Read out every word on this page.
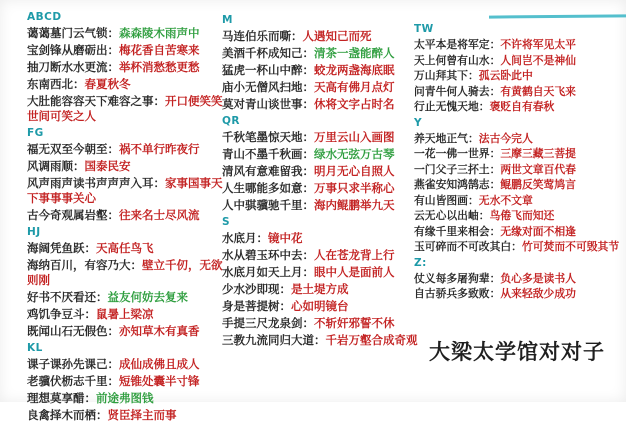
ABCD
蔼蔼墓门云气锁：森森陵木雨声中
宝剑锋从磨砺出：梅花香自苦寒来
抽刀断水水更流：举杯消愁愁更愁
东南西北：春夏秋冬
大肚能容容天下难容之事：开口便笑笑世间可笑之人
FG
福无双至今朝至：祸不单行昨夜行
风调雨顺：国泰民安
风声雨声读书声声声入耳：家事国事天下事事事关心
古今奇观属岩壑：往来名士尽风流
HJ
海阔凭鱼跃：天高任鸟飞
海纳百川，有容乃大：壁立千仞，无欲则刚
好书不厌看还：益友何妨去复来
鸡饥争豆斗：鼠暑上梁凉
既闻山石无假色：亦知草木有真香
KL
课子课孙先课己：成仙成佛且成人
老骥伏枥志千里：短锥处囊半寸锋
理想莫享醋：前途弗图钱
良禽择木而栖：贤臣择主而事
M
马连伯乐而嘶：人遇知己而死
美酒千杯成知己：清茶一盏能醉人
猛虎一杯山中醉：蛟龙两盏海底眠
庙小无僧风扫地：天高有佛月点灯
莫对青山谈世事：休将文字占时名
QR
千秋笔墨惊天地：万里云山入画图
青山不墨千秋画：绿水无弦万古琴
清风有意难留我：明月无心自照人
人生哪能多如意：万事只求半称心
人中骐骥驰千里：海内鲲鹏举九天
S
水底月：镜中花
水从碧玉环中去：人在苍龙背上行
水底月如天上月：眼中人是面前人
少水沙即现：是土堤方成
身是菩提树：心如明镜台
手提三尺龙泉剑：不斩奸邪誓不休
三教九流同归大道：千岩万壑合成奇观
TW
太平本是将军定：不许将军见太平
天上何曾有山水：人间岂不是神仙
万山拜其下：孤云卧此中
问青牛何人骑去：有黄鹤自天飞来
行止无愧天地：褒贬自有春秋
Y
养天地正气：法古今完人
一花一佛一世界：三摩三藏三菩提
一门父子三抔土：两世文章百代春
燕雀安知鸿鹄志：鲲鹏反笑莺鸠言
有山皆图画：无水不文章
云无心以出岫：鸟倦飞而知还
有缘千里来相会：无缘对面不相逢
玉可碎而不可改其白：竹可焚而不可毁其节
Z:
仗义每多屠狗辈：负心多是读书人
自古骄兵多致败：从来轻敌少成功
大梁太学馆对对子
